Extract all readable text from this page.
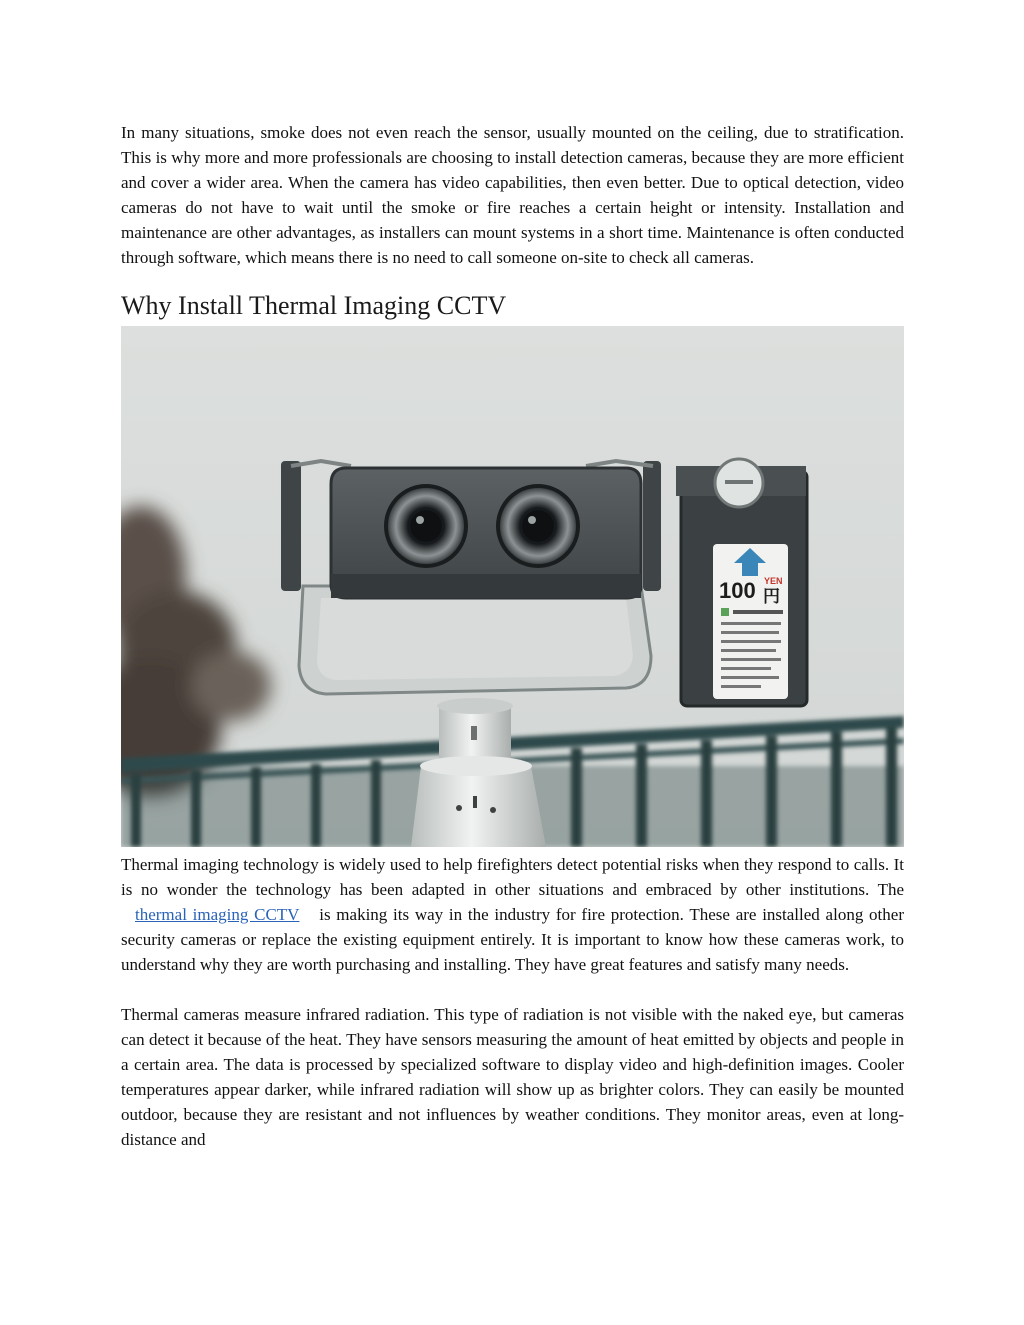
In many situations, smoke does not even reach the sensor, usually mounted on the ceiling, due to stratification. This is why more and more professionals are choosing to install detection cameras, because they are more efficient and cover a wider area. When the camera has video capabilities, then even better. Due to optical detection, video cameras do not have to wait until the smoke or fire reaches a certain height or intensity. Installation and maintenance are other advantages, as installers can mount systems in a short time. Maintenance is often conducted through software, which means there is no need to call someone on-site to check all cameras.

Why Install Thermal Imaging CCTV
100 YEN
円

Thermal imaging technology is widely used to help firefighters detect potential risks when they respond to calls. It is no wonder the technology has been adapted in other situations and embraced by other institutions. The thermal imaging CCTV is making its way in the industry for fire protection. These are installed along other security cameras or replace the existing equipment entirely. It is important to know how these cameras work, to understand why they are worth purchasing and installing. They have great features and satisfy many needs.

Thermal cameras measure infrared radiation. This type of radiation is not visible with the naked eye, but cameras can detect it because of the heat. They have sensors measuring the amount of heat emitted by objects and people in a certain area. The data is processed by specialized software to display video and high-definition images. Cooler temperatures appear darker, while infrared radiation will show up as brighter colors. They can easily be mounted outdoor, because they are resistant and not influences by weather conditions. They monitor areas, even at long-distance and
